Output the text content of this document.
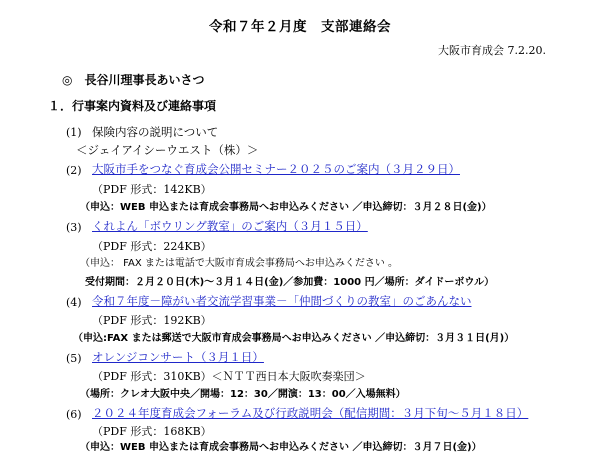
令和７年２月度　支部連絡会
大阪市育成会 7.2.20.
◎　長谷川理事長あいさつ
１．行事案内資料及び連絡事項
(1) 保険内容の説明について
＜ジェイアイシーウエスト（株）＞
(2) 大阪市手をつなぐ育成会公開セミナー２０２５のご案内（３月２９日）
（PDF 形式：142KB）
（申込：WEB 申込または育成会事務局へお申込みください ／申込締切：３月２８日(金)）
(3) くれよん「ボウリング教室」のご案内（３月１５日）
（PDF 形式：224KB）
（申込： FAX または電話で大阪市育成会事務局へお申込みください 。
受付期間：２月２０日(木)～３月１４日(金)／参加費：1000 円／場所：ダイドーボウル）
(4) 令和７年度－障がい者交流学習事業－「仲間づくりの教室」のごあんない
（PDF 形式：192KB）
（申込:FAX または郵送で大阪市育成会事務局へお申込みください ／申込締切：３月３１日(月)）
(5) オレンジコンサート（３月１日）
（PDF 形式：310KB）＜ＮＴＴ西日本大阪吹奏楽団＞
（場所：クレオ大阪中央／開場：12：30／開演：13：00／入場無料）
(6) ２０２４年度育成会フォーラム及び行政説明会（配信期間：３月下旬～５月１８日）
（PDF 形式：168KB）
（申込：WEB 申込または育成会事務局へお申込みください ／申込締切：３月７日(金)）
